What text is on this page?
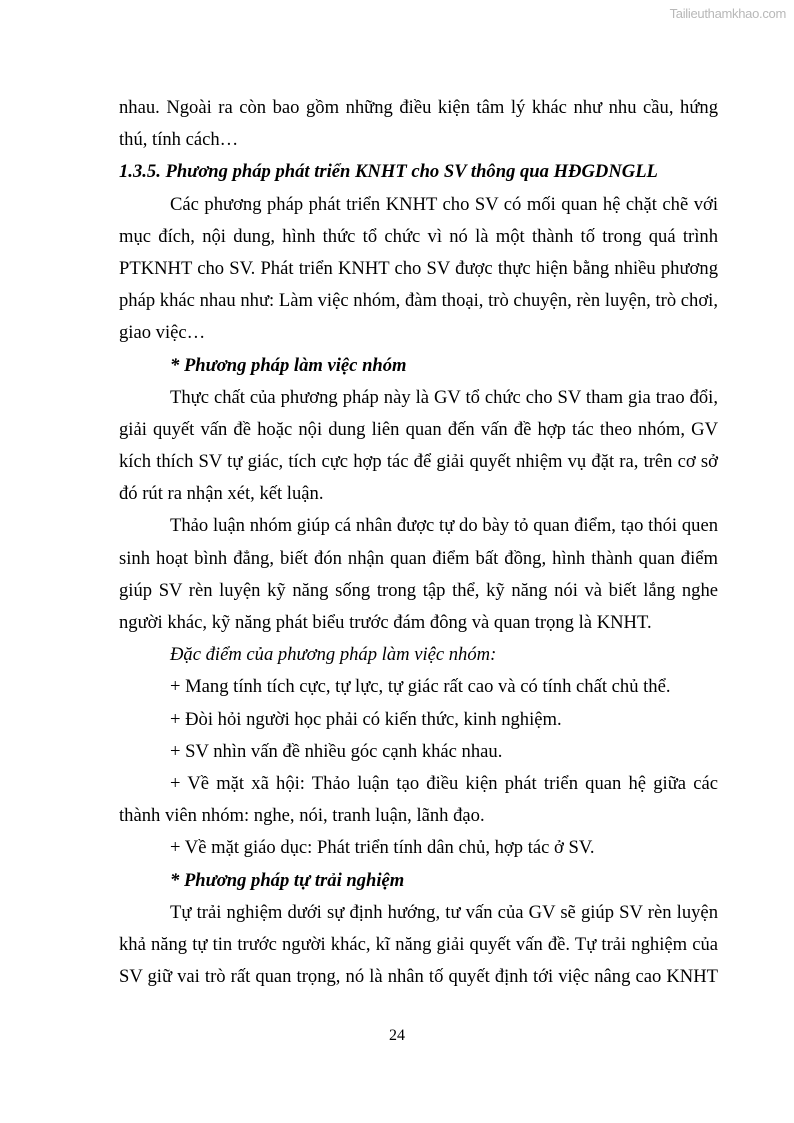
Tailieuthamkhao.com
nhau. Ngoài ra còn bao gồm những điều kiện tâm lý khác như nhu cầu, hứng
thú, tính cách…
1.3.5. Phương pháp phát triển KNHT cho SV thông qua HĐGDNGLL
Các phương pháp phát triển KNHT cho SV có mối quan hệ chặt chẽ với
mục đích, nội dung, hình thức tổ chức vì nó là một thành tố trong quá trình
PTKNHT cho SV. Phát triển KNHT cho SV được thực hiện bằng nhiều phương
pháp khác nhau như: Làm việc nhóm, đàm thoại, trò chuyện, rèn luyện, trò chơi,
giao việc…
* Phương pháp làm việc nhóm
Thực chất của phương pháp này là GV tổ chức cho SV tham gia trao đổi,
giải quyết vấn đề hoặc nội dung liên quan đến vấn đề hợp tác theo nhóm, GV
kích thích SV tự giác, tích cực hợp tác để giải quyết nhiệm vụ đặt ra, trên cơ sở
đó rút ra nhận xét, kết luận.
Thảo luận nhóm giúp cá nhân được tự do bày tỏ quan điểm, tạo thói quen
sinh hoạt bình đẳng, biết đón nhận quan điểm bất đồng, hình thành quan điểm
giúp SV rèn luyện kỹ năng sống trong tập thể, kỹ năng nói và biết lắng nghe
người khác, kỹ năng phát biểu trước đám đông và quan trọng là KNHT.
Đặc điểm của phương pháp làm việc nhóm:
+ Mang tính tích cực, tự lực, tự giác rất cao và có tính chất chủ thể.
+ Đòi hỏi người học phải có kiến thức, kinh nghiệm.
+ SV nhìn vấn đề nhiều góc cạnh khác nhau.
+ Về mặt xã hội: Thảo luận tạo điều kiện phát triển quan hệ giữa các
thành viên nhóm: nghe, nói, tranh luận, lãnh đạo.
+ Về mặt giáo dục: Phát triển tính dân chủ, hợp tác ở SV.
* Phương pháp tự trải nghiệm
Tự trải nghiệm dưới sự định hướng, tư vấn của GV sẽ giúp SV rèn luyện
khả năng tự tin trước người khác, kĩ năng giải quyết vấn đề. Tự trải nghiệm của
SV giữ vai trò rất quan trọng, nó là nhân tố quyết định tới việc nâng cao KNHT
24
